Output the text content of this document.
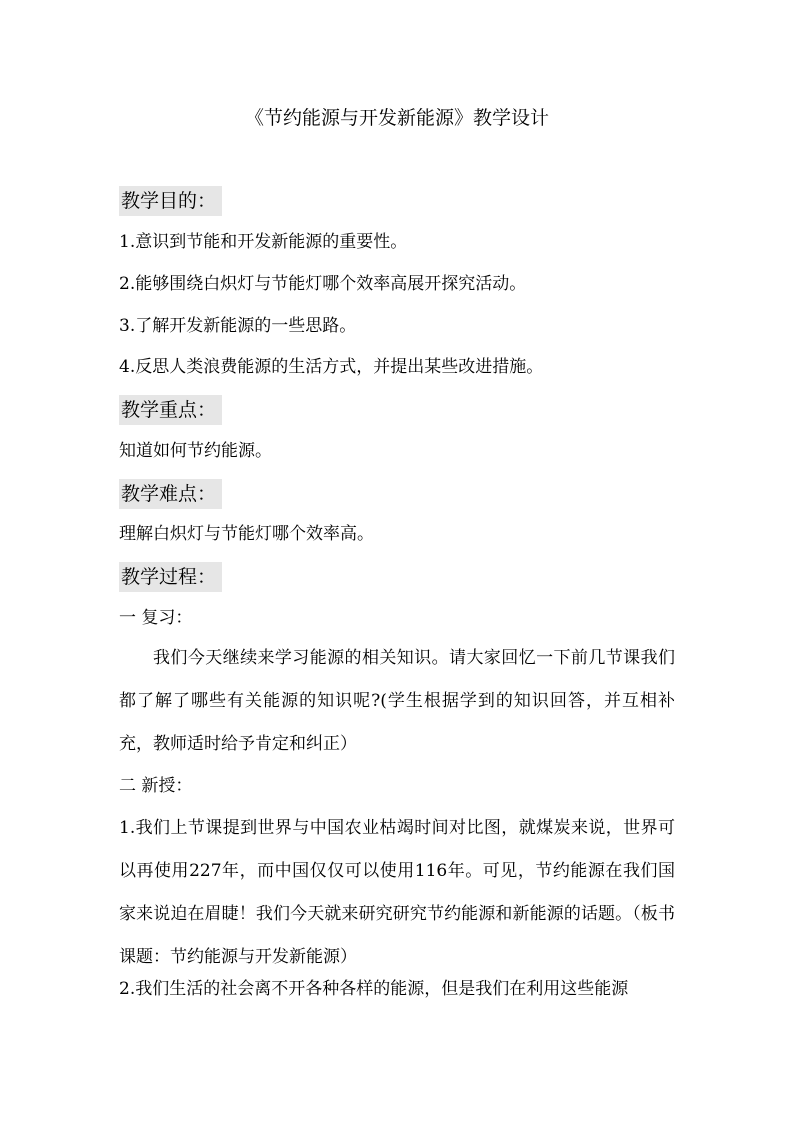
《节约能源与开发新能源》教学设计
教学目的：
1.意识到节能和开发新能源的重要性。
2.能够围绕白炽灯与节能灯哪个效率高展开探究活动。
3.了解开发新能源的一些思路。
4.反思人类浪费能源的生活方式，并提出某些改进措施。
教学重点：
知道如何节约能源。
教学难点：
理解白炽灯与节能灯哪个效率高。
教学过程：
一 复习：
我们今天继续来学习能源的相关知识。请大家回忆一下前几节课我们都了解了哪些有关能源的知识呢?(学生根据学到的知识回答，并互相补充，教师适时给予肯定和纠正）
二 新授：
1.我们上节课提到世界与中国农业枯竭时间对比图，就煤炭来说，世界可以再使用227年，而中国仅仅可以使用116年。可见，节约能源在我们国家来说迫在眉睫！我们今天就来研究研究节约能源和新能源的话题。（板书课题：节约能源与开发新能源）
2.我们生活的社会离不开各种各样的能源，但是我们在利用这些能源
